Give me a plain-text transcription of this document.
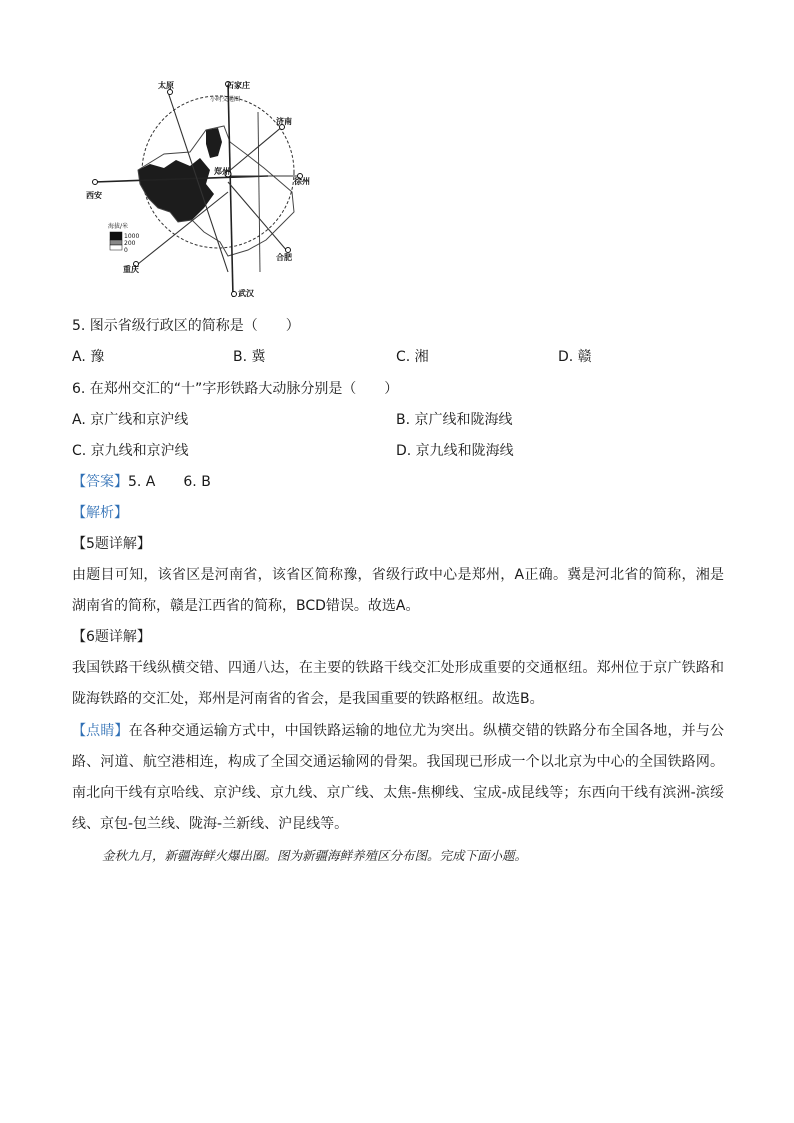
太原	石家庄
小时交通圈
济南
郑州
徐州
西安
合肥
重庆
武汉
海拔/米
1000
200
0
5. 图示省级行政区的简称是（　　）
A. 豫	B. 冀	C. 湘	D. 赣
6. 在郑州交汇的“十”字形铁路大动脉分别是（　　）
A. 京广线和京沪线	B. 京广线和陇海线
C. 京九线和京沪线	D. 京九线和陇海线
【答案】5. A　　6. B
【解析】
【5题详解】
由题目可知，该省区是河南省，该省区简称豫，省级行政中心是郑州，A正确。冀是河北省的简称，湘是湖南省的简称，赣是江西省的简称，BCD错误。故选A。
【6题详解】
我国铁路干线纵横交错、四通八达，在主要的铁路干线交汇处形成重要的交通枢纽。郑州位于京广铁路和陇海铁路的交汇处，郑州是河南省的省会，是我国重要的铁路枢纽。故选B。
【点睛】在各种交通运输方式中，中国铁路运输的地位尤为突出。纵横交错的铁路分布全国各地，并与公路、河道、航空港相连，构成了全国交通运输网的骨架。我国现已形成一个以北京为中心的全国铁路网。南北向干线有京哈线、京沪线、京九线、京广线、太焦-焦柳线、宝成-成昆线等；东西向干线有滨洲-滨绥线、京包-包兰线、陇海-兰新线、沪昆线等。
金秋九月，新疆海鲜火爆出圈。图为新疆海鲜养殖区分布图。完成下面小题。
